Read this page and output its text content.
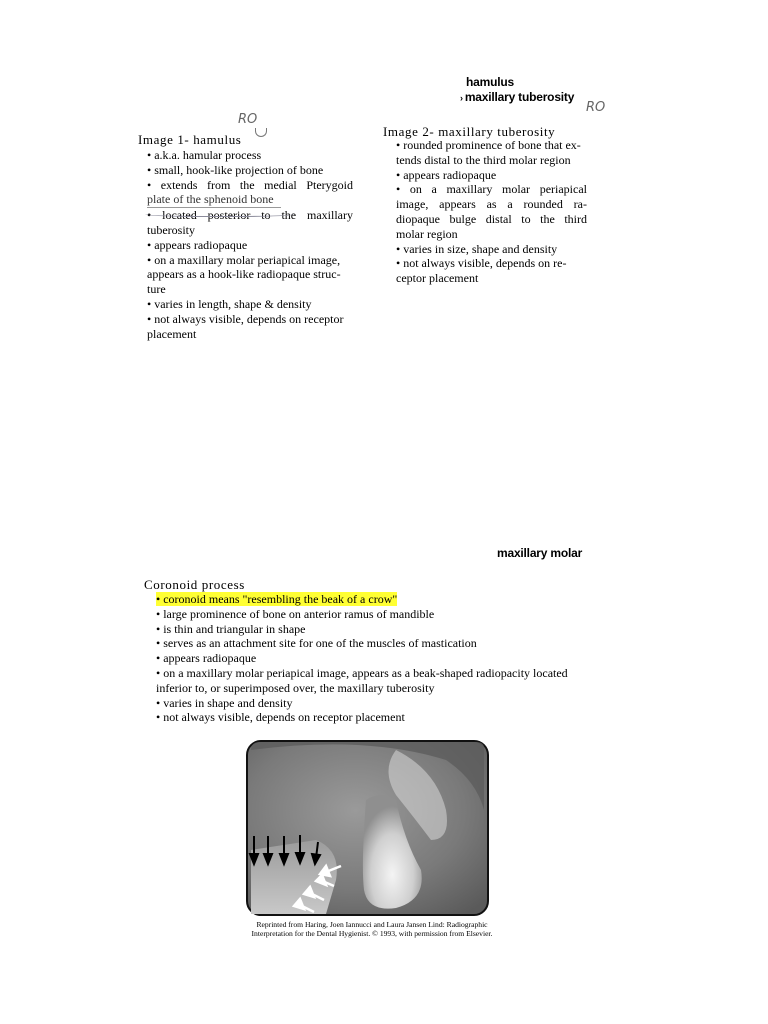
hamulus
› maxillary tuberosity
RO
RO
Image 1- hamulus
• a.k.a. hamular process
• small, hook-like projection of bone
• extends from the medial Pterygoid
plate of the sphenoid bone
• located posterior to the maxillary
tuberosity
• appears radiopaque
• on a maxillary molar periapical image,
appears as a hook-like radiopaque struc-
ture
• varies in length, shape & density
• not always visible, depends on receptor
placement
Image 2- maxillary tuberosity
• rounded prominence of bone that ex-
tends distal to the third molar region
• appears radiopaque
• on a maxillary molar periapical
image, appears as a rounded ra-
diopaque bulge distal to the third
molar region
• varies in size, shape and density
• not always visible, depends on re-
ceptor placement
maxillary molar
Coronoid process
• coronoid means "resembling the beak of a crow"
• large prominence of bone on anterior ramus of mandible
• is thin and triangular in shape
• serves as an attachment site for one of the muscles of mastication
• appears radiopaque
• on a maxillary molar periapical image, appears as a beak-shaped radiopacity located
inferior to, or superimposed over, the maxillary tuberosity
• varies in shape and density
• not always visible, depends on receptor placement
Reprinted from Haring, Joen Iannucci and Laura Jansen Lind: Radiographic
Interpretation for the Dental Hygienist. © 1993, with permission from Elsevier.
